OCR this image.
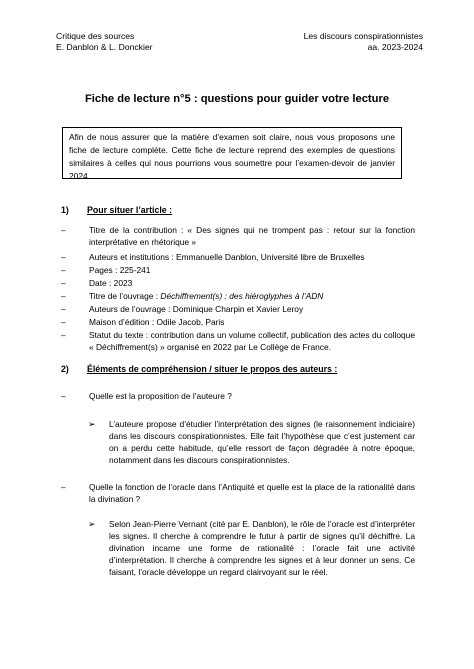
Critique des sources
E. Danblon & L. Donckier
Les discours conspirationnistes
aa. 2023-2024
Fiche de lecture n°5 : questions pour guider votre lecture
Afin de nous assurer que la matière d’examen soit claire, nous vous proposons une fiche de lecture complète. Cette fiche de lecture reprend des exemples de questions similaires à celles qui nous pourrions vous soumettre pour l’examen-devoir de janvier 2024.
1) Pour situer l’article :
–	Titre de la contribution : « Des signes qui ne trompent pas : retour sur la fonction interprétative en rhétorique »
–	Auteurs et institutions : Emmanuelle Danblon, Université libre de Bruxelles
–	Pages : 225-241
–	Date : 2023
–	Titre de l’ouvrage : Déchiffrement(s) : des hiéroglyphes à l’ADN
–	Auteurs de l’ouvrage : Dominique Charpin et Xavier Leroy
–	Maison d’édition : Odile Jacob, Paris
–	Statut du texte : contribution dans un volume collectif, publication des actes du colloque « Déchiffrement(s) » organisé en 2022 par Le Collège de France.
2) Éléments de compréhension / situer le propos des auteurs :
–	Quelle est la proposition de l’auteure ?
➢ L’auteure propose d’étudier l’interprétation des signes (le raisonnement indiciaire) dans les discours conspirationnistes. Elle fait l’hypothèse que c’est justement car on a perdu cette habitude, qu’elle ressort de façon dégradée à notre époque, notamment dans les discours conspirationnistes.
–	Quelle la fonction de l’oracle dans l’Antiquité et quelle est la place de la rationalité dans la divination ?
➢ Selon Jean-Pierre Vernant (cité par E. Danblon), le rôle de l’oracle est d’interpréter les signes. Il cherche à comprendre le futur à partir de signes qu’il déchiffre. La divination incarne une forme de rationalité : l’oracle fait une activité d’interprétation. Il cherche à comprendre les signes et à leur donner un sens. Ce faisant, l’oracle développe un regard clairvoyant sur le réel.
